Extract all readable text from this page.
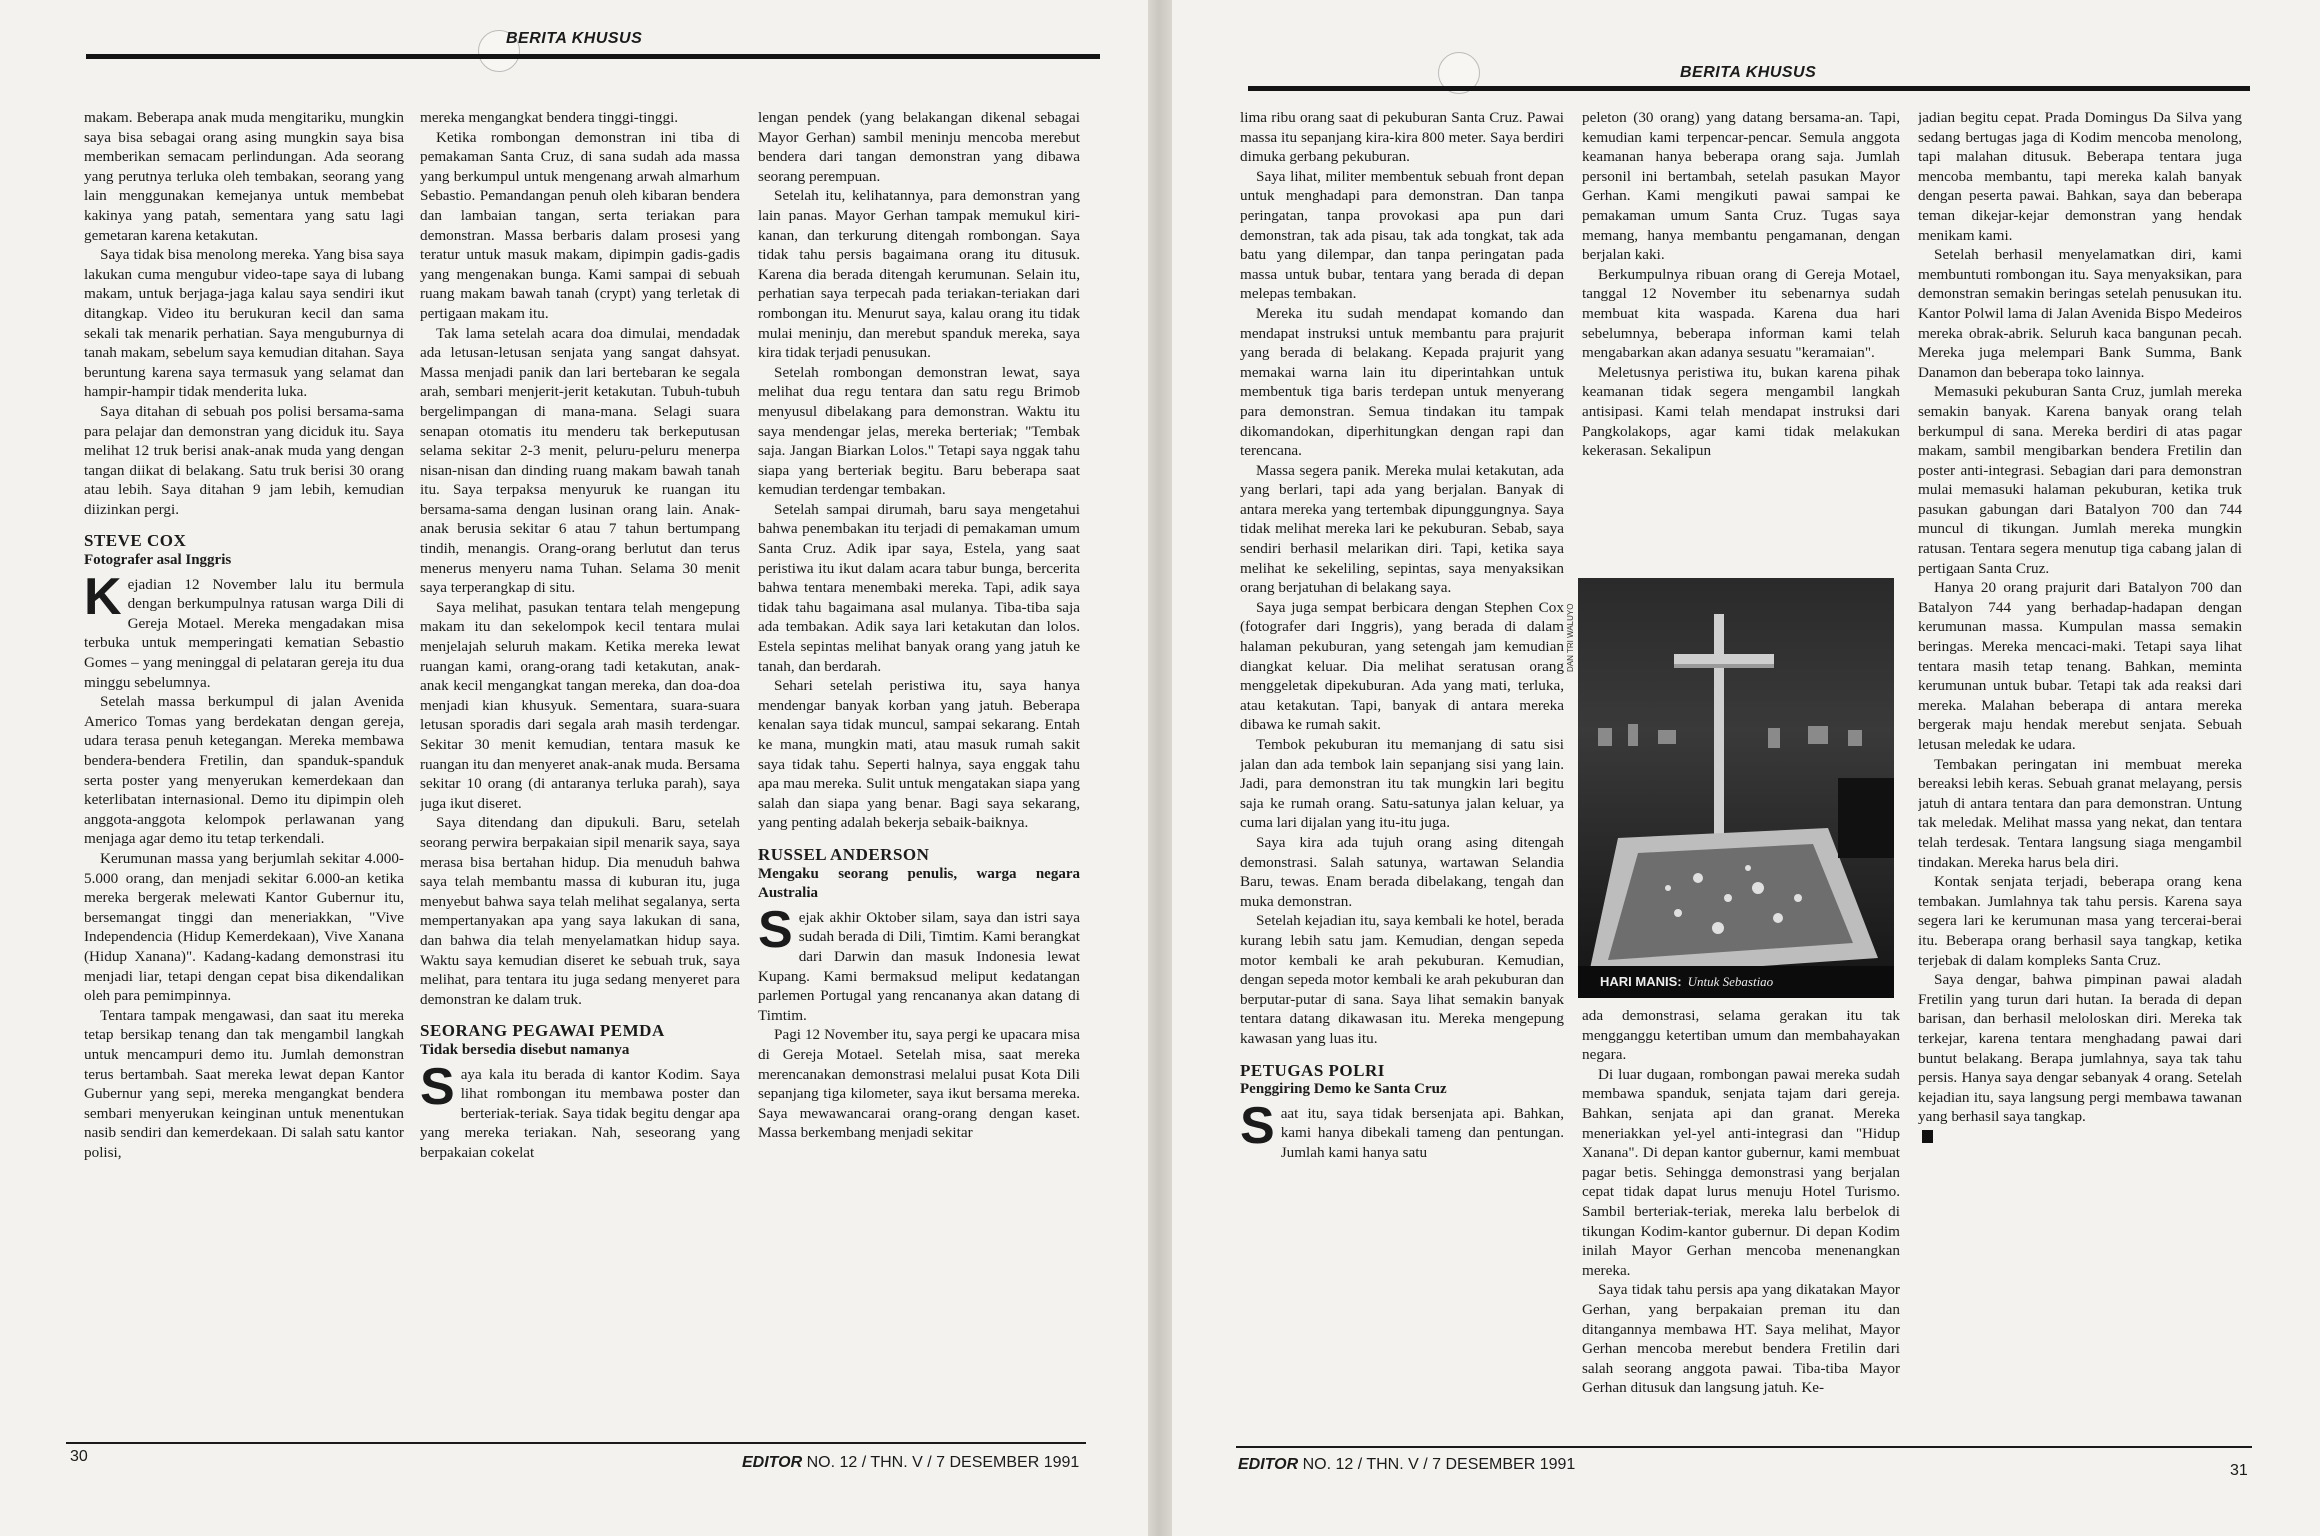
BERITA KHUSUS
BERITA KHUSUS

makam. Beberapa anak muda mengitariku, mungkin saya bisa sebagai orang asing mungkin saya bisa memberikan semacam perlindungan. Ada seorang yang perutnya terluka oleh tembakan, seorang yang lain menggunakan kemejanya untuk membebat kakinya yang patah, sementara yang satu lagi gemetaran karena ketakutan.

Saya tidak bisa menolong mereka. Yang bisa saya lakukan cuma mengubur video-tape saya di lubang makam, untuk berjaga-jaga kalau saya sendiri ikut ditangkap. Video itu berukuran kecil dan sama sekali tak menarik perhatian. Saya menguburnya di tanah makam, sebelum saya kemudian ditahan. Saya beruntung karena saya termasuk yang selamat dan hampir-hampir tidak menderita luka.

Saya ditahan di sebuah pos polisi bersama-sama para pelajar dan demonstran yang diciduk itu. Saya melihat 12 truk berisi anak-anak muda yang dengan tangan diikat di belakang. Satu truk berisi 30 orang atau lebih. Saya ditahan 9 jam lebih, kemudian diizinkan pergi.

STEVE COX
Fotografer asal Inggris

Kejadian 12 November lalu itu bermula dengan berkumpulnya ratusan warga Dili di Gereja Motael. Mereka mengadakan misa terbuka untuk memperingati kematian Sebastio Gomes – yang meninggal di pelataran gereja itu dua minggu sebelumnya.

Setelah massa berkumpul di jalan Avenida Americo Tomas yang berdekatan dengan gereja, udara terasa penuh ketegangan. Mereka membawa bendera-bendera Fretilin, dan spanduk-spanduk serta poster yang menyerukan kemerdekaan dan keterlibatan internasional. Demo itu dipimpin oleh anggota-anggota kelompok perlawanan yang menjaga agar demo itu tetap terkendali.

Kerumunan massa yang berjumlah sekitar 4.000-5.000 orang, dan menjadi sekitar 6.000-an ketika mereka bergerak melewati Kantor Gubernur itu, bersemangat tinggi dan meneriakkan, "Vive Independencia (Hidup Kemerdekaan), Vive Xanana (Hidup Xanana)". Kadang-kadang demonstrasi itu menjadi liar, tetapi dengan cepat bisa dikendalikan oleh para pemimpinnya.

Tentara tampak mengawasi, dan saat itu mereka tetap bersikap tenang dan tak mengambil langkah untuk mencampuri demo itu. Jumlah demonstran terus bertambah. Saat mereka lewat depan Kantor Gubernur yang sepi, mereka mengangkat bendera sembari menyerukan keinginan untuk menentukan nasib sendiri dan kemerdekaan. Di salah satu kantor polisi,

mereka mengangkat bendera tinggi-tinggi.

Ketika rombongan demonstran ini tiba di pemakaman Santa Cruz, di sana sudah ada massa yang berkumpul untuk mengenang arwah almarhum Sebastio. Pemandangan penuh oleh kibaran bendera dan lambaian tangan, serta teriakan para demonstran. Massa berbaris dalam prosesi yang teratur untuk masuk makam, dipimpin gadis-gadis yang mengenakan bunga. Kami sampai di sebuah ruang makam bawah tanah (crypt) yang terletak di pertigaan makam itu.

Tak lama setelah acara doa dimulai, mendadak ada letusan-letusan senjata yang sangat dahsyat. Massa menjadi panik dan lari bertebaran ke segala arah, sembari menjerit-jerit ketakutan. Tubuh-tubuh bergelimpangan di mana-mana. Selagi suara senapan otomatis itu menderu tak berkeputusan selama sekitar 2-3 menit, peluru-peluru menerpa nisan-nisan dan dinding ruang makam bawah tanah itu. Saya terpaksa menyuruk ke ruangan itu bersama-sama dengan lusinan orang lain. Anak-anak berusia sekitar 6 atau 7 tahun bertumpang tindih, menangis. Orang-orang berlutut dan terus menerus menyeru nama Tuhan. Selama 30 menit saya terperangkap di situ.

Saya melihat, pasukan tentara telah mengepung makam itu dan sekelompok kecil tentara mulai menjelajah seluruh makam. Ketika mereka lewat ruangan kami, orang-orang tadi ketakutan, anak-anak kecil mengangkat tangan mereka, dan doa-doa menjadi kian khusyuk. Sementara, suara-suara letusan sporadis dari segala arah masih terdengar. Sekitar 30 menit kemudian, tentara masuk ke ruangan itu dan menyeret anak-anak muda. Bersama sekitar 10 orang (di antaranya terluka parah), saya juga ikut diseret.

Saya ditendang dan dipukuli. Baru, setelah seorang perwira berpakaian sipil menarik saya, saya merasa bisa bertahan hidup. Dia menuduh bahwa saya telah membantu massa di kuburan itu, juga menyebut bahwa saya telah melihat segalanya, serta mempertanyakan apa yang saya lakukan di sana, dan bahwa dia telah menyelamatkan hidup saya. Waktu saya kemudian diseret ke sebuah truk, saya melihat, para tentara itu juga sedang menyeret para demonstran ke dalam truk.

SEORANG PEGAWAI PEMDA
Tidak bersedia disebut namanya

Saya kala itu berada di kantor Kodim. Saya lihat rombongan itu membawa poster dan berteriak-teriak. Saya tidak begitu dengar apa yang mereka teriakan. Nah, seseorang yang berpakaian cokelat

lengan pendek (yang belakangan dikenal sebagai Mayor Gerhan) sambil meninju mencoba merebut bendera dari tangan demonstran yang dibawa seorang perempuan.

Setelah itu, kelihatannya, para demonstran yang lain panas. Mayor Gerhan tampak memukul kiri-kanan, dan terkurung ditengah rombongan. Saya tidak tahu persis bagaimana orang itu ditusuk. Karena dia berada ditengah kerumunan. Selain itu, perhatian saya terpecah pada teriakan-teriakan dari rombongan itu. Menurut saya, kalau orang itu tidak mulai meninju, dan merebut spanduk mereka, saya kira tidak terjadi penusukan.

Setelah rombongan demonstran lewat, saya melihat dua regu tentara dan satu regu Brimob menyusul dibelakang para demonstran. Waktu itu saya mendengar jelas, mereka berteriak; "Tembak saja. Jangan Biarkan Lolos." Tetapi saya nggak tahu siapa yang berteriak begitu. Baru beberapa saat kemudian terdengar tembakan.

Setelah sampai dirumah, baru saya mengetahui bahwa penembakan itu terjadi di pemakaman umum Santa Cruz. Adik ipar saya, Estela, yang saat peristiwa itu ikut dalam acara tabur bunga, bercerita bahwa tentara menembaki mereka. Tapi, adik saya tidak tahu bagaimana asal mulanya. Tiba-tiba saja ada tembakan. Adik saya lari ketakutan dan lolos. Estela sepintas melihat banyak orang yang jatuh ke tanah, dan berdarah.

Sehari setelah peristiwa itu, saya hanya mendengar banyak korban yang jatuh. Beberapa kenalan saya tidak muncul, sampai sekarang. Entah ke mana, mungkin mati, atau masuk rumah sakit saya tidak tahu. Seperti halnya, saya enggak tahu apa mau mereka. Sulit untuk mengatakan siapa yang salah dan siapa yang benar. Bagi saya sekarang, yang penting adalah bekerja sebaik-baiknya.

RUSSEL ANDERSON
Mengaku seorang penulis, warga negara Australia

Sejak akhir Oktober silam, saya dan istri saya sudah berada di Dili, Timtim. Kami berangkat dari Darwin dan masuk Indonesia lewat Kupang. Kami bermaksud meliput kedatangan parlemen Portugal yang rencananya akan datang di Timtim.

Pagi 12 November itu, saya pergi ke upacara misa di Gereja Motael. Setelah misa, saat mereka merencanakan demonstrasi melalui pusat Kota Dili sepanjang tiga kilometer, saya ikut bersama mereka. Saya mewawancarai orang-orang dengan kaset. Massa berkembang menjadi sekitar

30	EDITOR NO. 12 / THN. V / 7 DESEMBER 1991

lima ribu orang saat di pekuburan Santa Cruz. Pawai massa itu sepanjang kira-kira 800 meter. Saya berdiri dimuka gerbang pekuburan.

Saya lihat, militer membentuk sebuah front depan untuk menghadapi para demonstran. Dan tanpa peringatan, tanpa provokasi apa pun dari demonstran, tak ada pisau, tak ada tongkat, tak ada batu yang dilempar, dan tanpa peringatan pada massa untuk bubar, tentara yang berada di depan melepas tembakan.

Mereka itu sudah mendapat komando dan mendapat instruksi untuk membantu para prajurit yang berada di belakang. Kepada prajurit yang memakai warna lain itu diperintahkan untuk membentuk tiga baris terdepan untuk menyerang para demonstran. Semua tindakan itu tampak dikomandokan, diperhitungkan dengan rapi dan terencana.

Massa segera panik. Mereka mulai ketakutan, ada yang berlari, tapi ada yang berjalan. Banyak di antara mereka yang tertembak dipunggungnya. Saya tidak melihat mereka lari ke pekuburan. Sebab, saya sendiri berhasil melarikan diri. Tapi, ketika saya melihat ke sekeliling, sepintas, saya menyaksikan orang berjatuhan di belakang saya.

Saya juga sempat berbicara dengan Stephen Cox (fotografer dari Inggris), yang berada di dalam halaman pekuburan, yang setengah jam kemudian diangkat keluar. Dia melihat seratusan orang menggeletak dipekuburan. Ada yang mati, terluka, atau ketakutan. Tapi, banyak di antara mereka dibawa ke rumah sakit.

Tembok pekuburan itu memanjang di satu sisi jalan dan ada tembok lain sepanjang sisi yang lain. Jadi, para demonstran itu tak mungkin lari begitu saja ke rumah orang. Satu-satunya jalan keluar, ya cuma lari dijalan yang itu-itu juga.

Saya kira ada tujuh orang asing ditengah demonstrasi. Salah satunya, wartawan Selandia Baru, tewas. Enam berada dibelakang, tengah dan muka demonstran.

Setelah kejadian itu, saya kembali ke hotel, berada kurang lebih satu jam. Kemudian, dengan sepeda motor kembali ke arah pekuburan. Kemudian, dengan sepeda motor kembali ke arah pekuburan dan berputar-putar di sana. Saya lihat semakin banyak tentara datang dikawasan itu. Mereka mengepung kawasan yang luas itu.

PETUGAS POLRI
Penggiring Demo ke Santa Cruz

Saat itu, saya tidak bersenjata api. Bahkan, kami hanya dibekali tameng dan pentungan. Jumlah kami hanya satu

peleton (30 orang) yang datang bersama-an. Tapi, kemudian kami terpencar-pencar. Semula anggota keamanan hanya beberapa orang saja. Jumlah personil ini bertambah, setelah pasukan Mayor Gerhan. Kami mengikuti pawai sampai ke pemakaman umum Santa Cruz. Tugas saya memang, hanya membantu pengamanan, dengan berjalan kaki.

Berkumpulnya ribuan orang di Gereja Motael, tanggal 12 November itu sebenarnya sudah membuat kita waspada. Karena dua hari sebelumnya, beberapa informan kami telah mengabarkan akan adanya sesuatu "keramaian".

Meletusnya peristiwa itu, bukan karena pihak keamanan tidak segera mengambil langkah antisipasi. Kami telah mendapat instruksi dari Pangkolakops, agar kami tidak melakukan kekerasan. Sekalipun

ada demonstrasi, selama gerakan itu tak mengganggu ketertiban umum dan membahayakan negara.

Di luar dugaan, rombongan pawai mereka sudah membawa spanduk, senjata tajam dari gereja. Bahkan, senjata api dan granat. Mereka meneriakkan yel-yel anti-integrasi dan "Hidup Xanana". Di depan kantor gubernur, kami membuat pagar betis. Sehingga demonstrasi yang berjalan cepat tidak dapat lurus menuju Hotel Turismo. Sambil berteriak-teriak, mereka lalu berbelok di tikungan Kodim-kantor gubernur. Di depan Kodim inilah Mayor Gerhan mencoba menenangkan mereka.

Saya tidak tahu persis apa yang dikatakan Mayor Gerhan, yang berpakaian preman itu dan ditangannya membawa HT. Saya melihat, Mayor Gerhan mencoba merebut bendera Fretilin dari salah seorang anggota pawai. Tiba-tiba Mayor Gerhan ditusuk dan langsung jatuh. Ke-

jadian begitu cepat. Prada Domingus Da Silva yang sedang bertugas jaga di Kodim mencoba menolong, tapi malahan ditusuk. Beberapa tentara juga mencoba membantu, tapi mereka kalah banyak dengan peserta pawai. Bahkan, saya dan beberapa teman dikejar-kejar demonstran yang hendak menikam kami.

Setelah berhasil menyelamatkan diri, kami membuntuti rombongan itu. Saya menyaksikan, para demonstran semakin beringas setelah penusukan itu. Kantor Polwil lama di Jalan Avenida Bispo Medeiros mereka obrak-abrik. Seluruh kaca bangunan pecah. Mereka juga melempari Bank Summa, Bank Danamon dan beberapa toko lainnya.

Memasuki pekuburan Santa Cruz, jumlah mereka semakin banyak. Karena banyak orang telah berkumpul di sana. Mereka berdiri di atas pagar makam, sambil mengibarkan bendera Fretilin dan poster anti-integrasi. Sebagian dari para demonstran mulai memasuki halaman pekuburan, ketika truk pasukan gabungan dari Batalyon 700 dan 744 muncul di tikungan. Jumlah mereka mungkin ratusan. Tentara segera menutup tiga cabang jalan di pertigaan Santa Cruz.

Hanya 20 orang prajurit dari Batalyon 700 dan Batalyon 744 yang berhadap-hadapan dengan kerumunan massa. Kumpulan massa semakin beringas. Mereka mencaci-maki. Tetapi saya lihat tentara masih tetap tenang. Bahkan, meminta kerumunan untuk bubar. Tetapi tak ada reaksi dari mereka. Malahan beberapa di antara mereka bergerak maju hendak merebut senjata. Sebuah letusan meledak ke udara.

Tembakan peringatan ini membuat mereka bereaksi lebih keras. Sebuah granat melayang, persis jatuh di antara tentara dan para demonstran. Untung tak meledak. Melihat massa yang nekat, dan tentara telah terdesak. Tentara langsung siaga mengambil tindakan. Mereka harus bela diri.

Kontak senjata terjadi, beberapa orang kena tembakan. Jumlahnya tak tahu persis. Karena saya segera lari ke kerumunan masa yang tercerai-berai itu. Beberapa orang berhasil saya tangkap, ketika terjebak di dalam kompleks Santa Cruz.

Saya dengar, bahwa pimpinan pawai aladah Fretilin yang turun dari hutan. Ia berada di depan barisan, dan berhasil meloloskan diri. Mereka tak terkejar, karena tentara menghadang pawai dari buntut belakang. Berapa jumlahnya, saya tak tahu persis. Hanya saya dengar sebanyak 4 orang. Setelah kejadian itu, saya langsung pergi membawa tawanan yang berhasil saya tangkap.

DAN TRI WALUYO
HARI MANIS: Untuk Sebastiao
EDITOR NO. 12 / THN. V / 7 DESEMBER 1991	31
